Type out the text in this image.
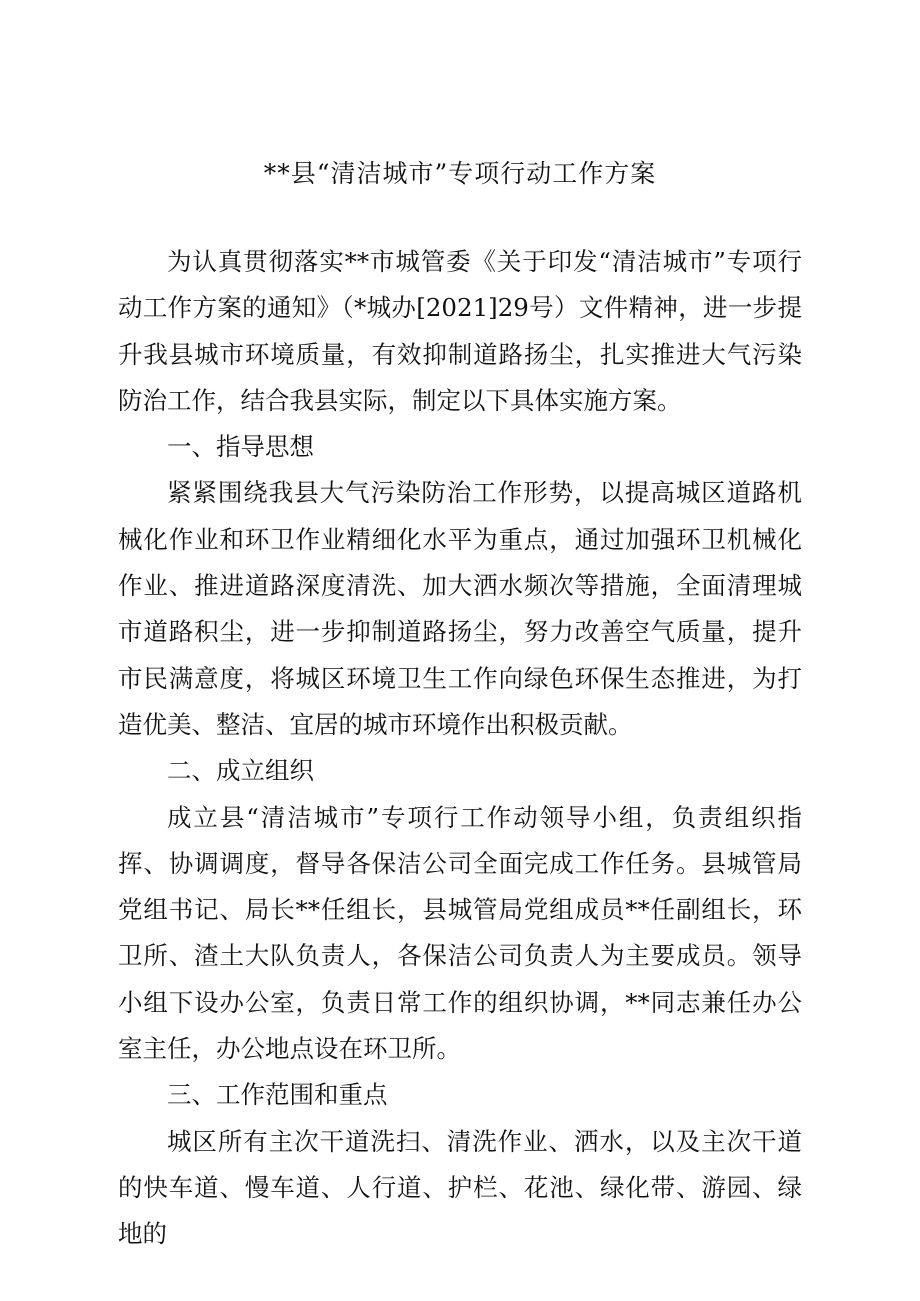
**县“清洁城市”专项行动工作方案

为认真贯彻落实**市城管委《关于印发“清洁城市”专项行动工作方案的通知》（*城办[2021]29号）文件精神，进一步提升我县城市环境质量，有效抑制道路扬尘，扎实推进大气污染防治工作，结合我县实际，制定以下具体实施方案。

一、指导思想

紧紧围绕我县大气污染防治工作形势，以提高城区道路机械化作业和环卫作业精细化水平为重点，通过加强环卫机械化作业、推进道路深度清洗、加大洒水频次等措施，全面清理城市道路积尘，进一步抑制道路扬尘，努力改善空气质量，提升市民满意度，将城区环境卫生工作向绿色环保生态推进，为打造优美、整洁、宜居的城市环境作出积极贡献。

二、成立组织

成立县“清洁城市”专项行工作动领导小组，负责组织指挥、协调调度，督导各保洁公司全面完成工作任务。县城管局党组书记、局长**任组长，县城管局党组成员**任副组长，环卫所、渣土大队负责人，各保洁公司负责人为主要成员。领导小组下设办公室，负责日常工作的组织协调，**同志兼任办公室主任，办公地点设在环卫所。

三、工作范围和重点

城区所有主次干道洗扫、清洗作业、洒水，以及主次干道的快车道、慢车道、人行道、护栏、花池、绿化带、游园、绿地的
